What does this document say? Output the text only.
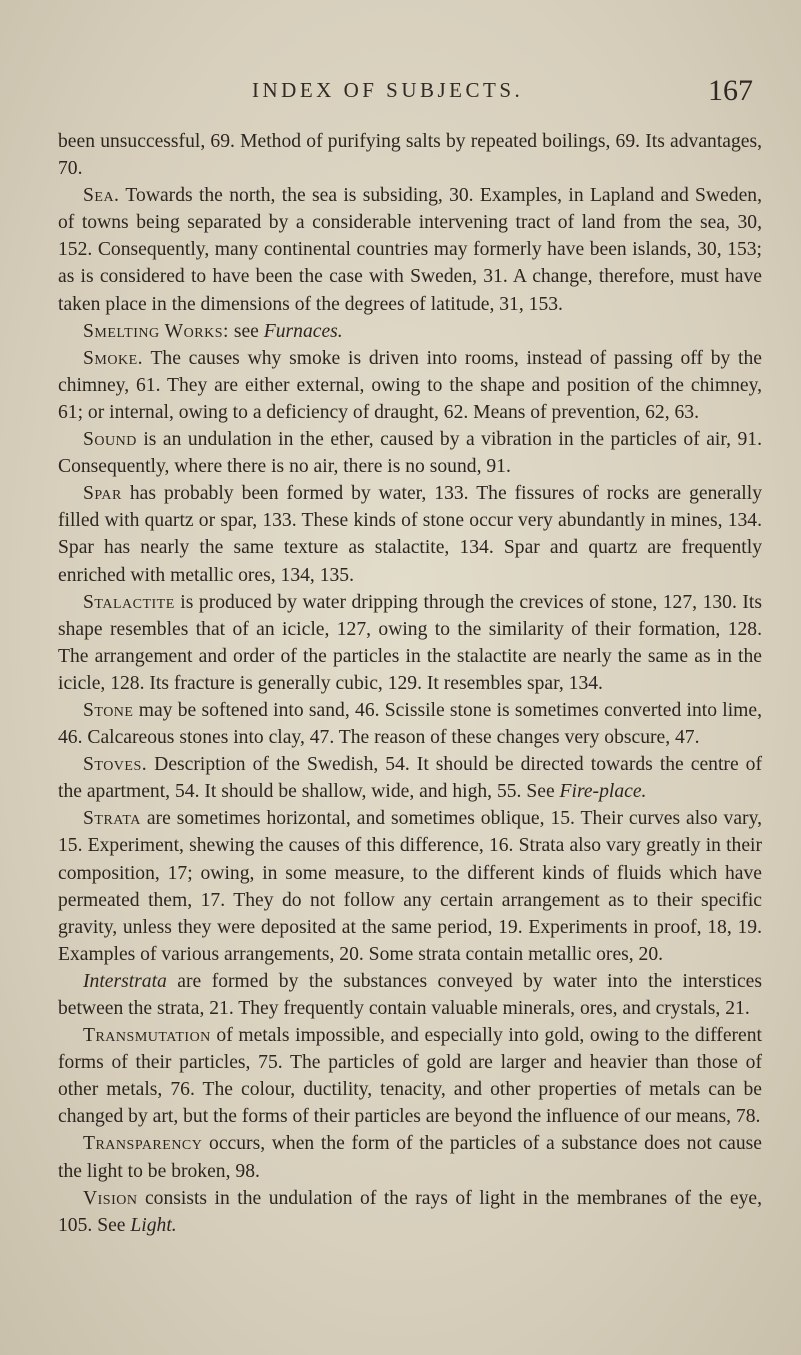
INDEX OF SUBJECTS.	167

been unsuccessful, 69. Method of purifying salts by repeated boilings, 69. Its advantages, 70.

Sea. Towards the north, the sea is subsiding, 30. Examples, in Lapland and Sweden, of towns being separated by a considerable intervening tract of land from the sea, 30, 152. Consequently, many continental countries may formerly have been islands, 30, 153; as is considered to have been the case with Sweden, 31. A change, therefore, must have taken place in the dimensions of the degrees of latitude, 31, 153.

Smelting Works: see Furnaces.

Smoke. The causes why smoke is driven into rooms, instead of passing off by the chimney, 61. They are either external, owing to the shape and position of the chimney, 61; or internal, owing to a deficiency of draught, 62. Means of prevention, 62, 63.

Sound is an undulation in the ether, caused by a vibration in the particles of air, 91. Consequently, where there is no air, there is no sound, 91.

Spar has probably been formed by water, 133. The fissures of rocks are generally filled with quartz or spar, 133. These kinds of stone occur very abundantly in mines, 134. Spar has nearly the same texture as stalactite, 134. Spar and quartz are frequently enriched with metallic ores, 134, 135.

Stalactite is produced by water dripping through the crevices of stone, 127, 130. Its shape resembles that of an icicle, 127, owing to the similarity of their formation, 128. The arrangement and order of the particles in the stalactite are nearly the same as in the icicle, 128. Its fracture is generally cubic, 129. It resembles spar, 134.

Stone may be softened into sand, 46. Scissile stone is sometimes converted into lime, 46. Calcareous stones into clay, 47. The reason of these changes very obscure, 47.

Stoves. Description of the Swedish, 54. It should be directed towards the centre of the apartment, 54. It should be shallow, wide, and high, 55. See Fire-place.

Strata are sometimes horizontal, and sometimes oblique, 15. Their curves also vary, 15. Experiment, shewing the causes of this difference, 16. Strata also vary greatly in their composition, 17; owing, in some measure, to the different kinds of fluids which have permeated them, 17. They do not follow any certain arrangement as to their specific gravity, unless they were deposited at the same period, 19. Experiments in proof, 18, 19. Examples of various arrangements, 20. Some strata contain metallic ores, 20.

Interstrata are formed by the substances conveyed by water into the interstices between the strata, 21. They frequently contain valuable minerals, ores, and crystals, 21.

Transmutation of metals impossible, and especially into gold, owing to the different forms of their particles, 75. The particles of gold are larger and heavier than those of other metals, 76. The colour, ductility, tenacity, and other properties of metals can be changed by art, but the forms of their particles are beyond the influence of our means, 78.

Transparency occurs, when the form of the particles of a substance does not cause the light to be broken, 98.

Vision consists in the undulation of the rays of light in the membranes of the eye, 105. See Light.
